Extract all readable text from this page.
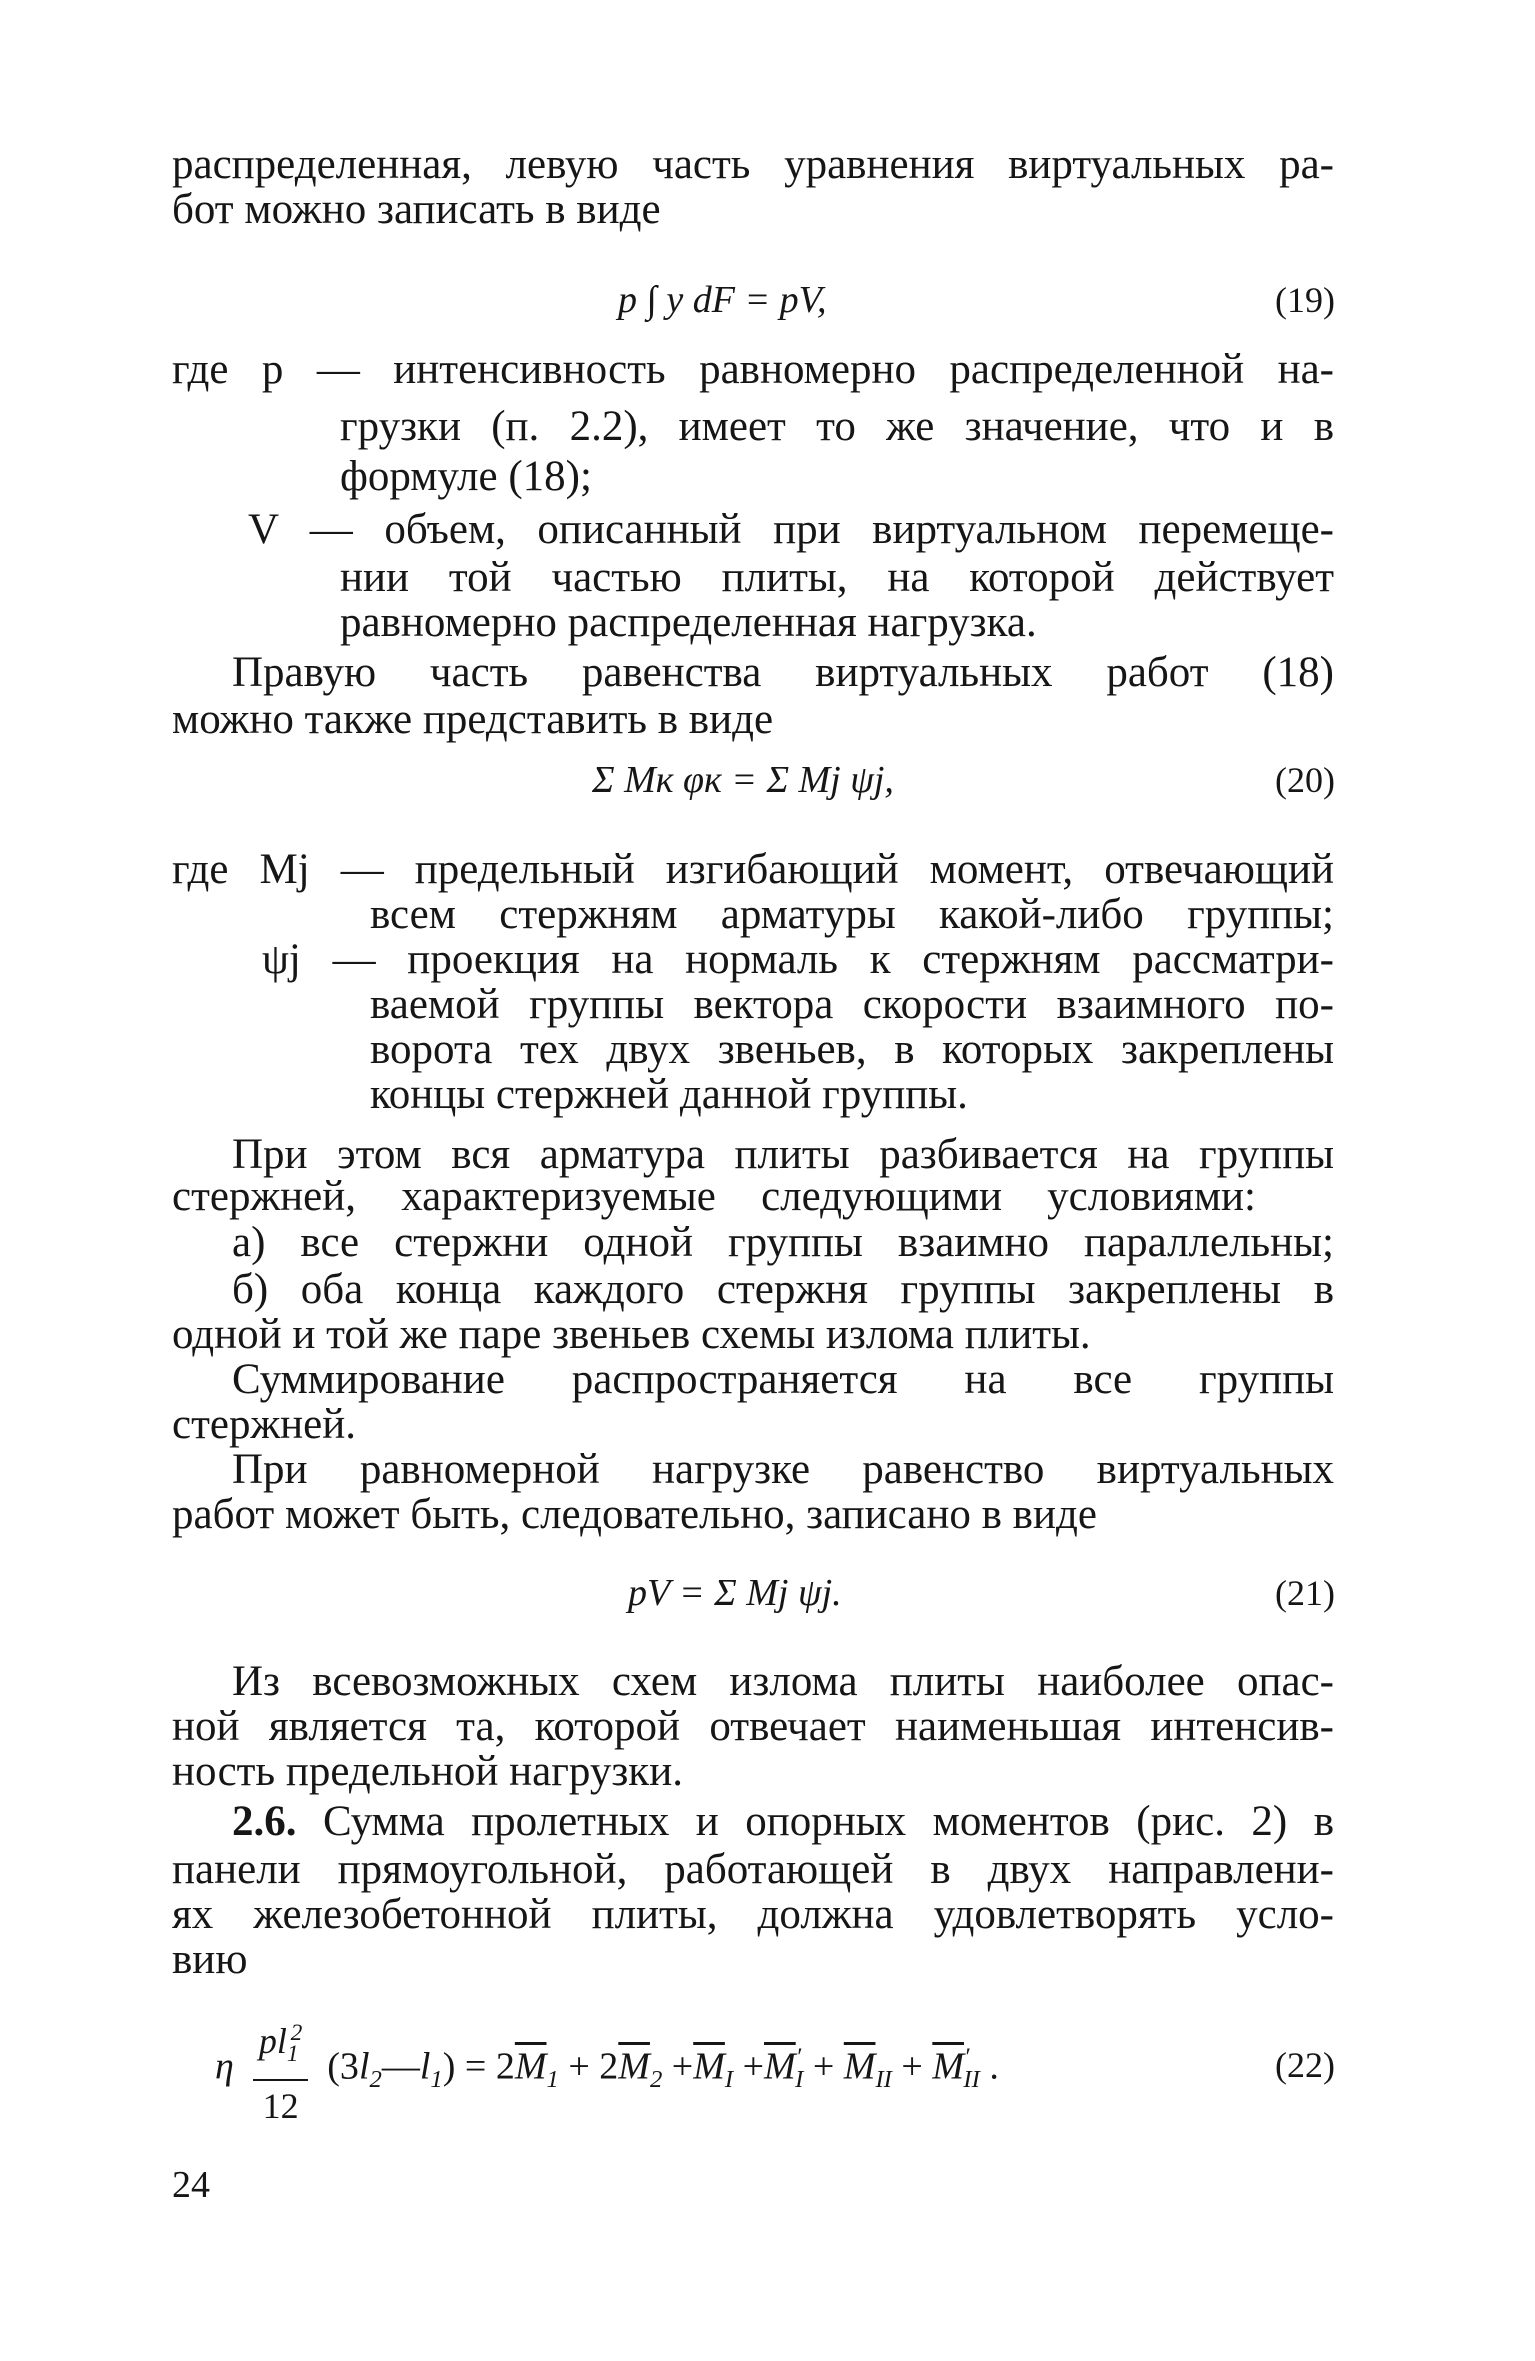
распределенная, левую часть уравнения виртуальных ра-
бот можно записать в виде
p ∫ y dF = pV,	(19)
где p — интенсивность равномерно распределенной на-
грузки (п. 2.2), имеет то же значение, что и в
формуле (18);
V — объем, описанный при виртуальном перемеще-
нии той частью плиты, на которой действует
равномерно распределенная нагрузка.
Правую часть равенства виртуальных работ (18)
можно также представить в виде
Σ Mк φк = Σ Mj ψj,	(20)
где Mj — предельный изгибающий момент, отвечающий
всем стержням арматуры какой-либо группы;
ψj — проекция на нормаль к стержням рассматри-
ваемой группы вектора скорости взаимного по-
ворота тех двух звеньев, в которых закреплены
концы стержней данной группы.
При этом вся арматура плиты разбивается на группы
стержней, характеризуемые следующими условиями:
а) все стержни одной группы взаимно параллельны;
б) оба конца каждого стержня группы закреплены в
одной и той же паре звеньев схемы излома плиты.
Суммирование распространяется на все группы
стержней.
При равномерной нагрузке равенство виртуальных
работ может быть, следовательно, записано в виде
pV = Σ Mj ψj.	(21)
Из всевозможных схем излома плиты наиболее опас-
ной является та, которой отвечает наименьшая интенсив-
ность предельной нагрузки.
2.6. Сумма пролетных и опорных моментов (рис. 2) в
панели прямоугольной, работающей в двух направлени-
ях железобетонной плиты, должна удовлетворять усло-
вию
η $\frac{pl_1^2}{12}$ $(3l_2—l_1) = 2\overline{M}_1 + 2\overline{M}_2 +\overline{M}_I +\overline{M}'_I + \overline{M}_{II} + \overline{M}'_{II}$ .	(22)
24
